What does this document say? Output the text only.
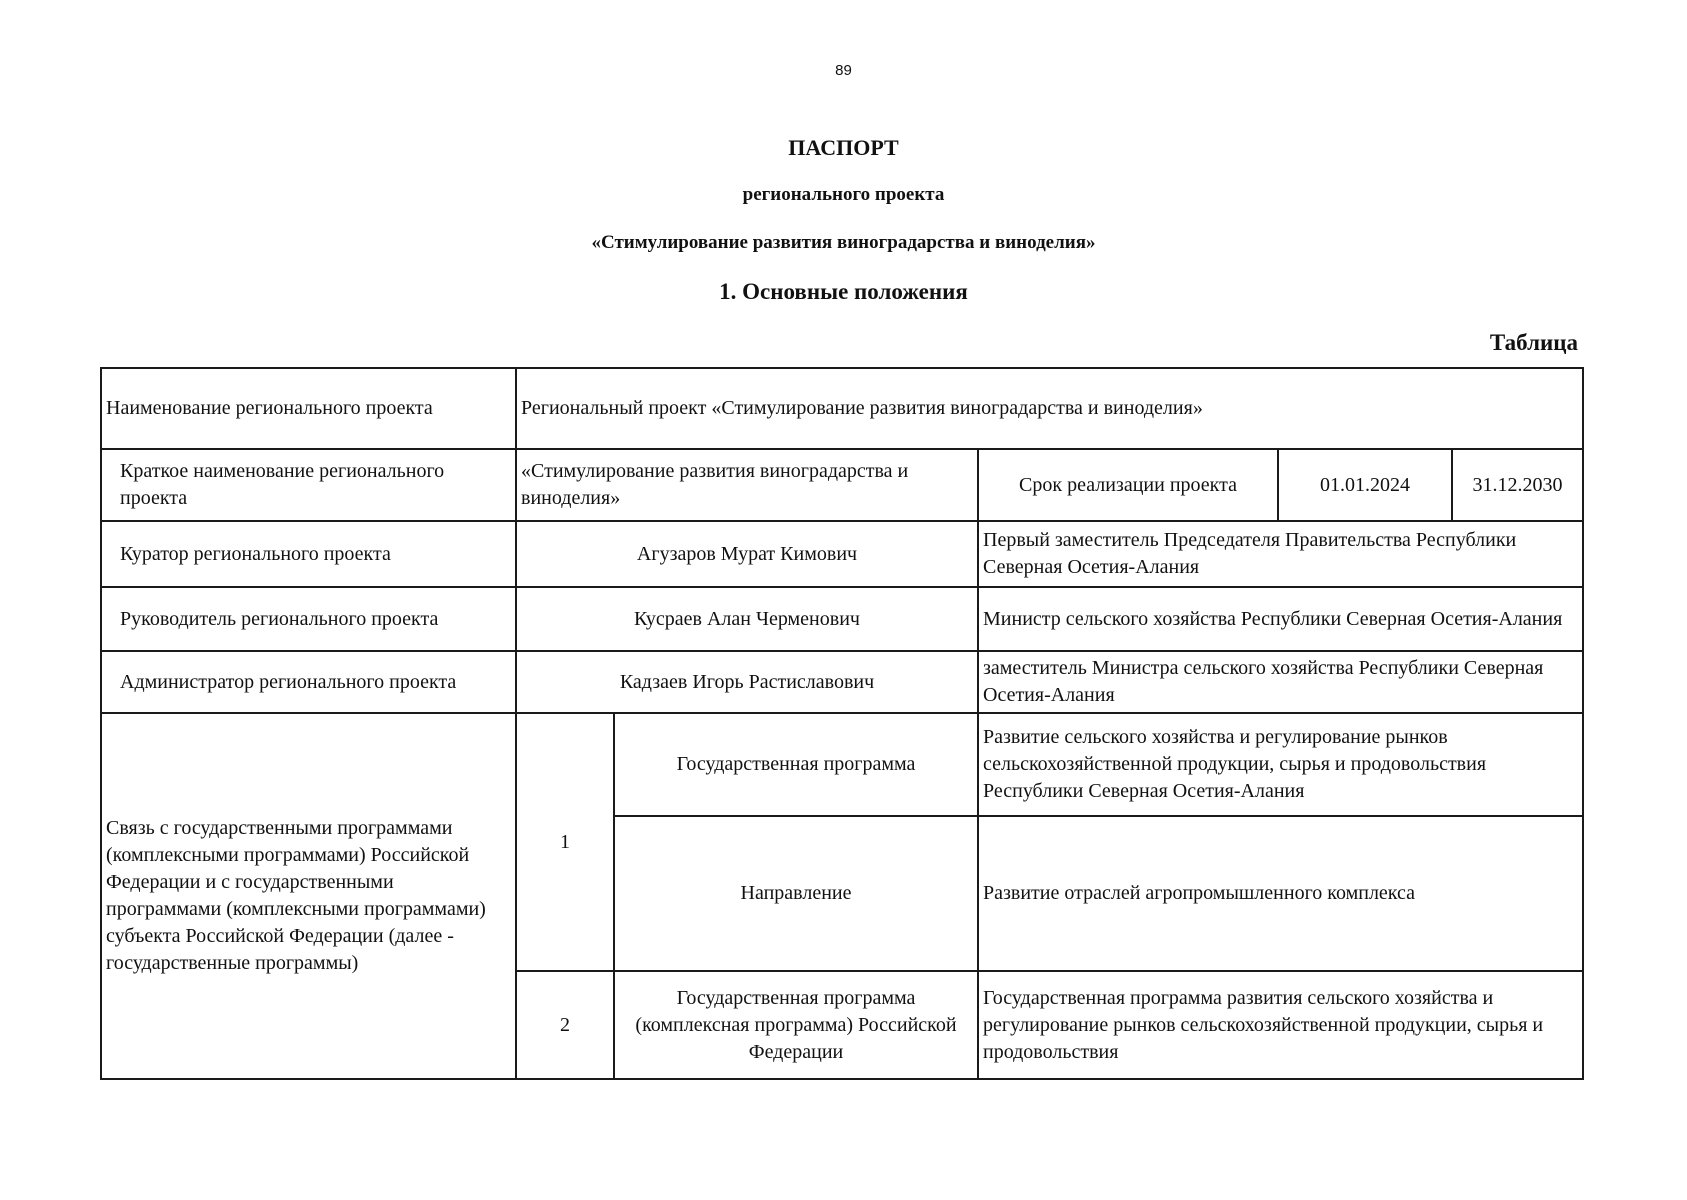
89
ПАСПОРТ
регионального проекта
«Стимулирование развития виноградарства и виноделия»
1. Основные положения
Таблица
Наименование регионального проекта	Региональный проект «Стимулирование развития виноградарства и виноделия»				
Краткое наименование регионального проекта	«Стимулирование развития виноградарства и виноделия»		Срок реализации проекта	01.01.2024	31.12.2030
Куратор регионального проекта	Агузаров Мурат Кимович		Первый заместитель Председателя Правительства Республики Северная Осетия-Алания		
Руководитель регионального проекта	Кусраев Алан Черменович		Министр сельского хозяйства Республики Северная Осетия-Алания		
Администратор регионального проекта	Кадзаев Игорь Растиславович		заместитель Министра сельского хозяйства Республики Северная Осетия-Алания		
Связь с государственными программами (комплексными программами) Российской Федерации и с государственными программами (комплексными программами) субъекта Российской Федерации (далее - государственные программы)	1	Государственная программа	Развитие сельского хозяйства и регулирование рынков сельскохозяйственной продукции, сырья и продовольствия Республики Северная Осетия-Алания		
		Направление	Развитие отраслей агропромышленного комплекса		
	2	Государственная программа (комплексная программа) Российской Федерации	Государственная программа развития сельского хозяйства и регулирование рынков сельскохозяйственной продукции, сырья и продовольствия		
